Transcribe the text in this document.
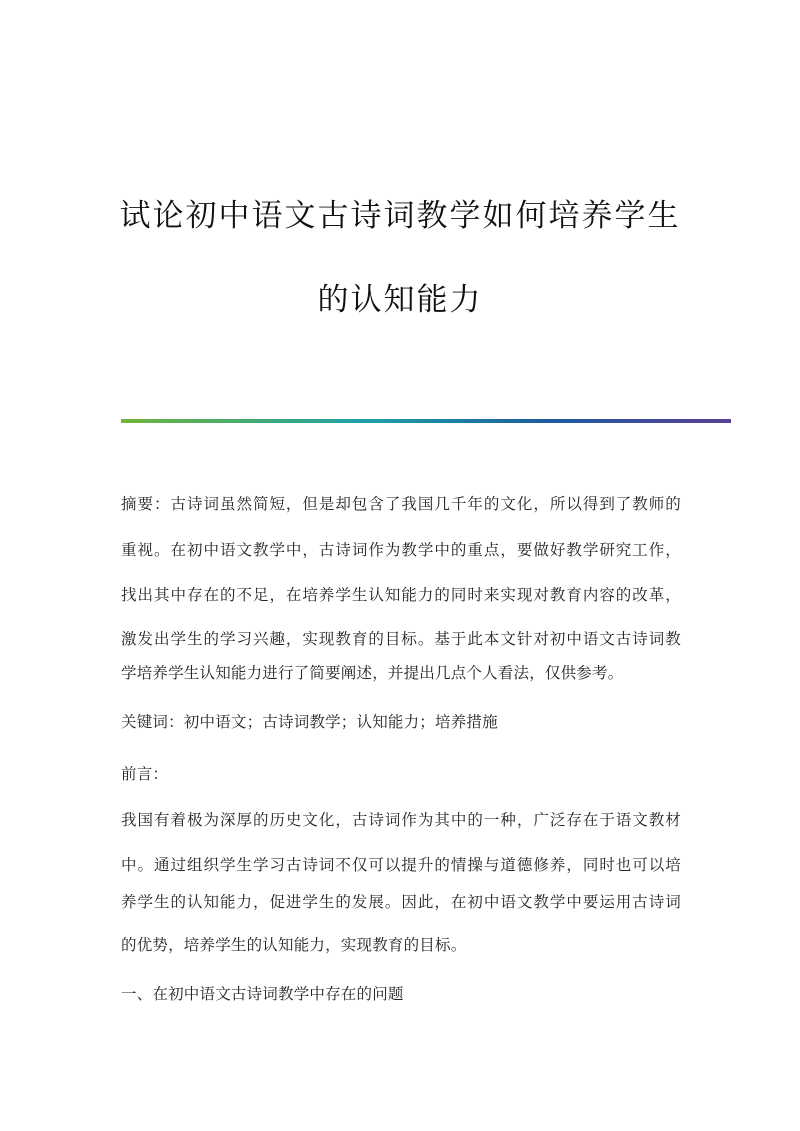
试论初中语文古诗词教学如何培养学生
的认知能力
摘要：古诗词虽然简短，但是却包含了我国几千年的文化，所以得到了教师的
重视。在初中语文教学中，古诗词作为教学中的重点，要做好教学研究工作，
找出其中存在的不足，在培养学生认知能力的同时来实现对教育内容的改革，
激发出学生的学习兴趣，实现教育的目标。基于此本文针对初中语文古诗词教
学培养学生认知能力进行了简要阐述，并提出几点个人看法，仅供参考。
关键词：初中语文；古诗词教学；认知能力；培养措施
前言：
我国有着极为深厚的历史文化，古诗词作为其中的一种，广泛存在于语文教材
中。通过组织学生学习古诗词不仅可以提升的情操与道德修养，同时也可以培
养学生的认知能力，促进学生的发展。因此，在初中语文教学中要运用古诗词
的优势，培养学生的认知能力，实现教育的目标。
一、在初中语文古诗词教学中存在的问题
